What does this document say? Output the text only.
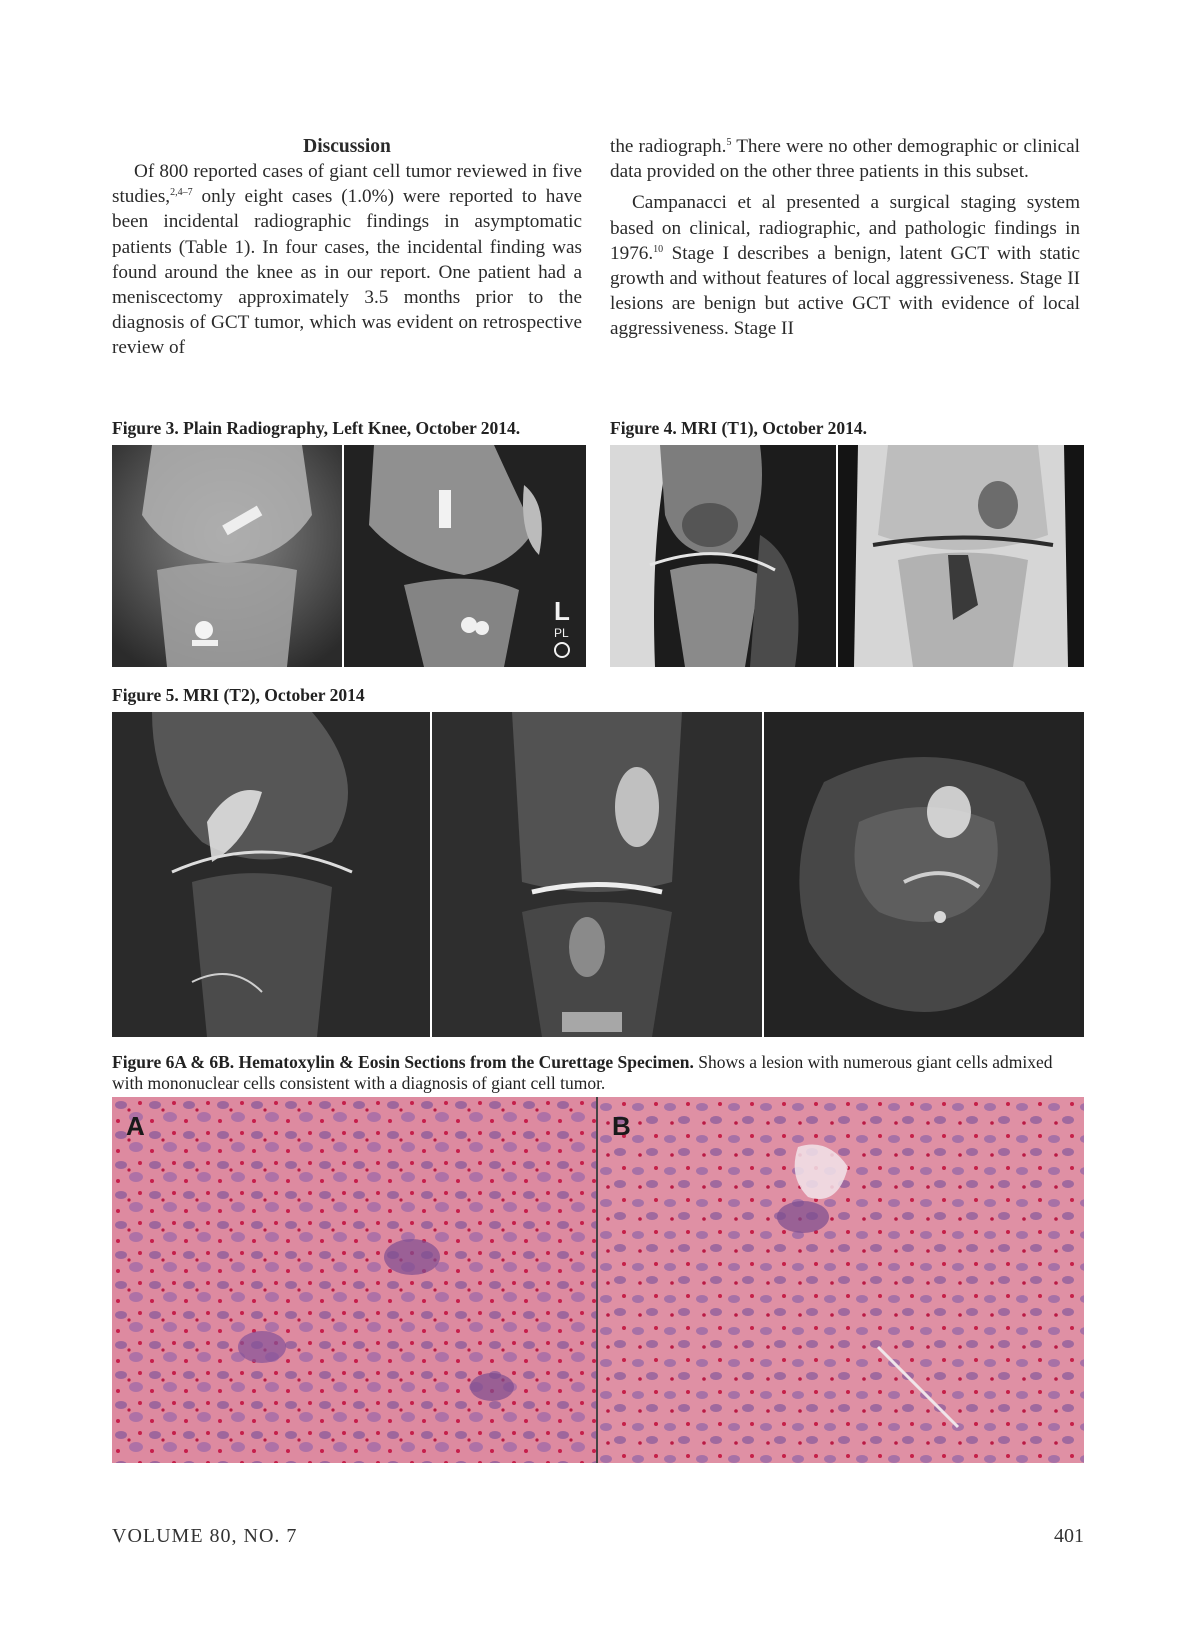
Discussion

Of 800 reported cases of giant cell tumor reviewed in five studies,$^{2,4-7}$ only eight cases (1.0%) were reported to have been incidental radiographic findings in asymptomatic patients (Table 1). In four cases, the incidental finding was found around the knee as in our report. One patient had a meniscectomy approximately 3.5 months prior to the diagnosis of GCT tumor, which was evident on retrospective review of

the radiograph.$^5$ There were no other demographic or clinical data provided on the other three patients in this subset.

Campanacci et al presented a surgical staging system based on clinical, radiographic, and pathologic findings in 1976.10 Stage I describes a benign, latent GCT with static growth and without features of local aggressiveness. Stage II lesions are benign but active GCT with evidence of local aggressiveness. Stage II

Figure 3. Plain Radiography, Left Knee, October 2014.
L
PL
Figure 4. MRI (T1), October 2014.
Figure 5. MRI (T2), October 2014
Figure 6A & 6B. Hematoxylin & Eosin Sections from the Curettage Specimen. Shows a lesion with numerous giant cells admixed with mononuclear cells consistent with a diagnosis of giant cell tumor.
A	B
VOLUME 80, NO. 7	401
